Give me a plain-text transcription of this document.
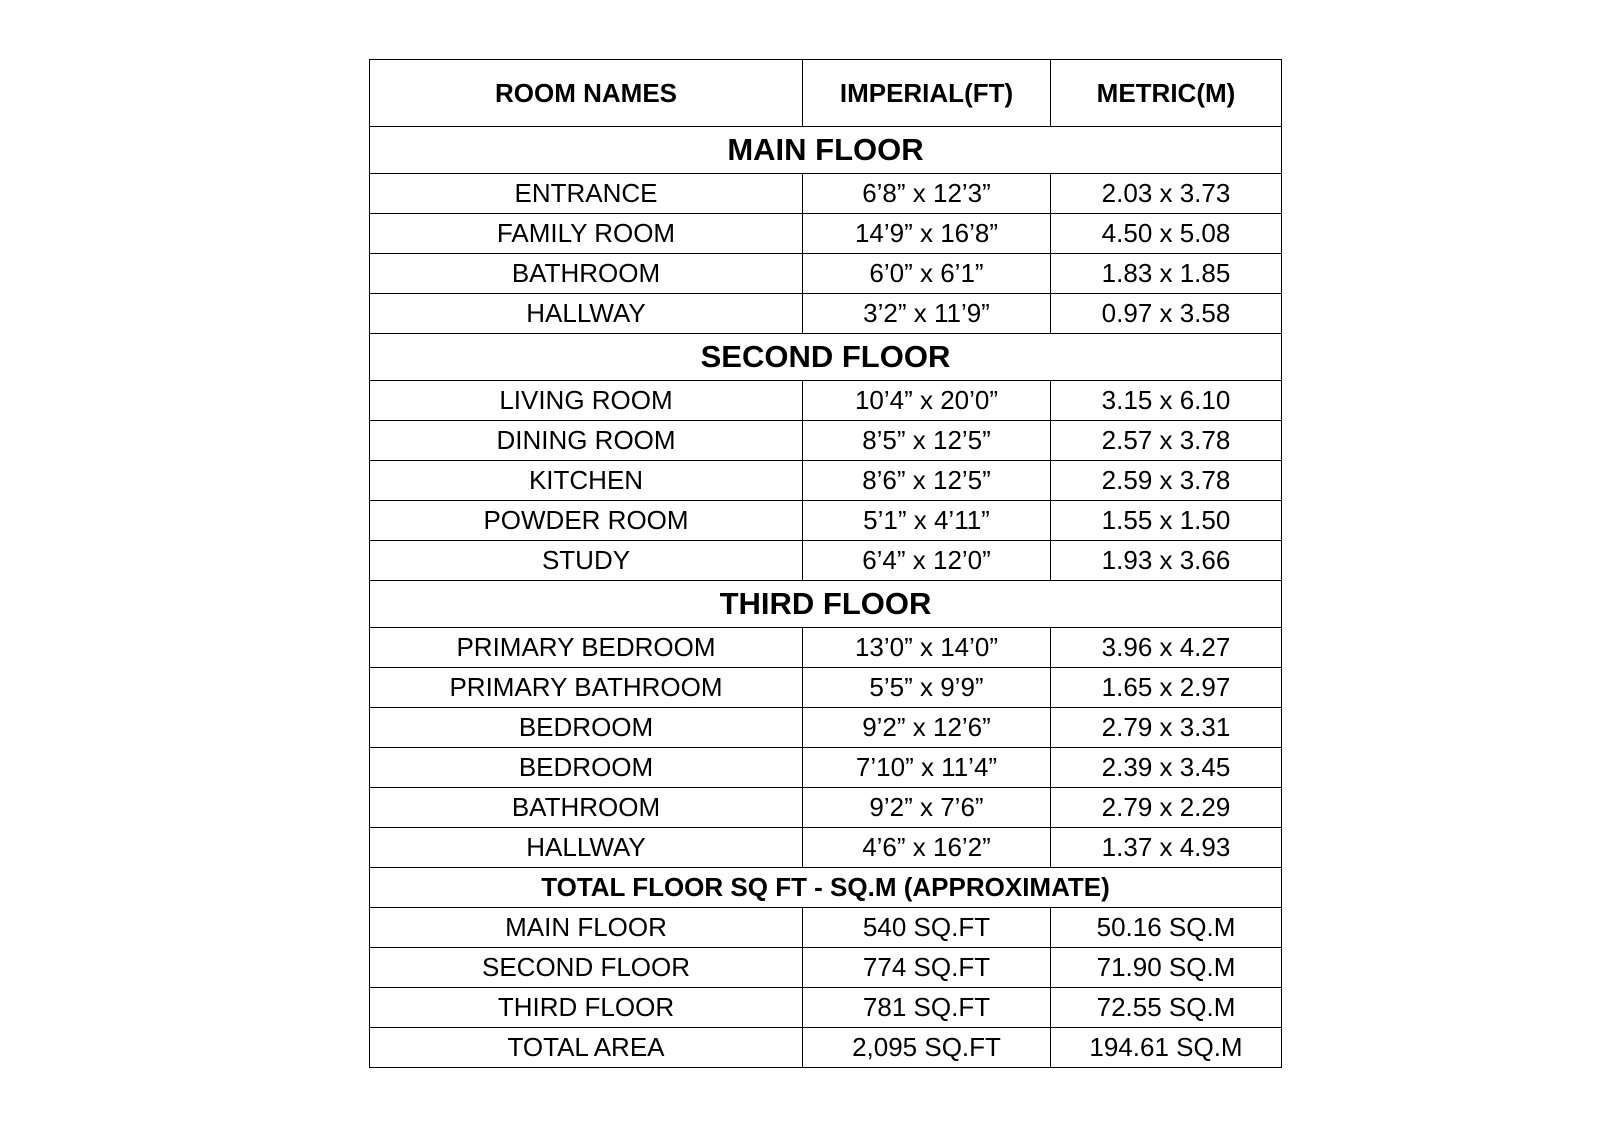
ROOM NAMES	IMPERIAL(FT)	METRIC(M)
MAIN FLOOR		
ENTRANCE	6’8” x 12’3”	2.03 x 3.73
FAMILY ROOM	14’9” x 16’8”	4.50 x 5.08
BATHROOM	6’0” x 6’1”	1.83 x 1.85
HALLWAY	3’2” x 11’9”	0.97 x 3.58
SECOND FLOOR		
LIVING ROOM	10’4” x 20’0”	3.15 x 6.10
DINING ROOM	8’5” x 12’5”	2.57 x 3.78
KITCHEN	8’6” x 12’5”	2.59 x 3.78
POWDER ROOM	5’1” x 4’11”	1.55 x 1.50
STUDY	6’4” x 12’0”	1.93 x 3.66
THIRD FLOOR		
PRIMARY BEDROOM	13’0” x 14’0”	3.96 x 4.27
PRIMARY BATHROOM	5’5” x 9’9”	1.65 x 2.97
BEDROOM	9’2” x 12’6”	2.79 x 3.31
BEDROOM	7’10” x 11’4”	2.39 x 3.45
BATHROOM	9’2” x 7’6”	2.79 x 2.29
HALLWAY	4’6” x 16’2”	1.37 x 4.93
TOTAL FLOOR SQ FT - SQ.M (APPROXIMATE)		
MAIN FLOOR	540 SQ.FT	50.16 SQ.M
SECOND FLOOR	774 SQ.FT	71.90 SQ.M
THIRD FLOOR	781 SQ.FT	72.55 SQ.M
TOTAL AREA	2,095 SQ.FT	194.61 SQ.M
